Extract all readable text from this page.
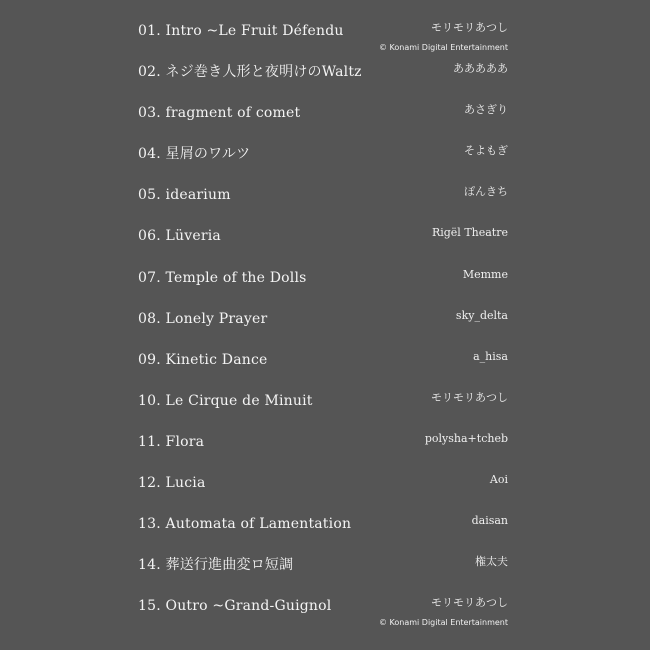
01. Intro ~Le Fruit Défendu	モリモリあつし
© Konami Digital Entertainment
02. ネジ巻き人形と夜明けのWaltz	あああああ
03. fragment of comet	あさぎり
04. 星屑のワルツ	そよもぎ
05. idearium	ぽんきち
06. Lüveria	Rigël Theatre
07. Temple of the Dolls	Memme
08. Lonely Prayer	sky_delta
09. Kinetic Dance	a_hisa
10. Le Cirque de Minuit	モリモリあつし
11. Flora	polysha+tcheb
12. Lucia	Aoi
13. Automata of Lamentation	daisan
14. 葬送行進曲変ロ短調	権太夫
15. Outro ~Grand-Guignol	モリモリあつし
© Konami Digital Entertainment
